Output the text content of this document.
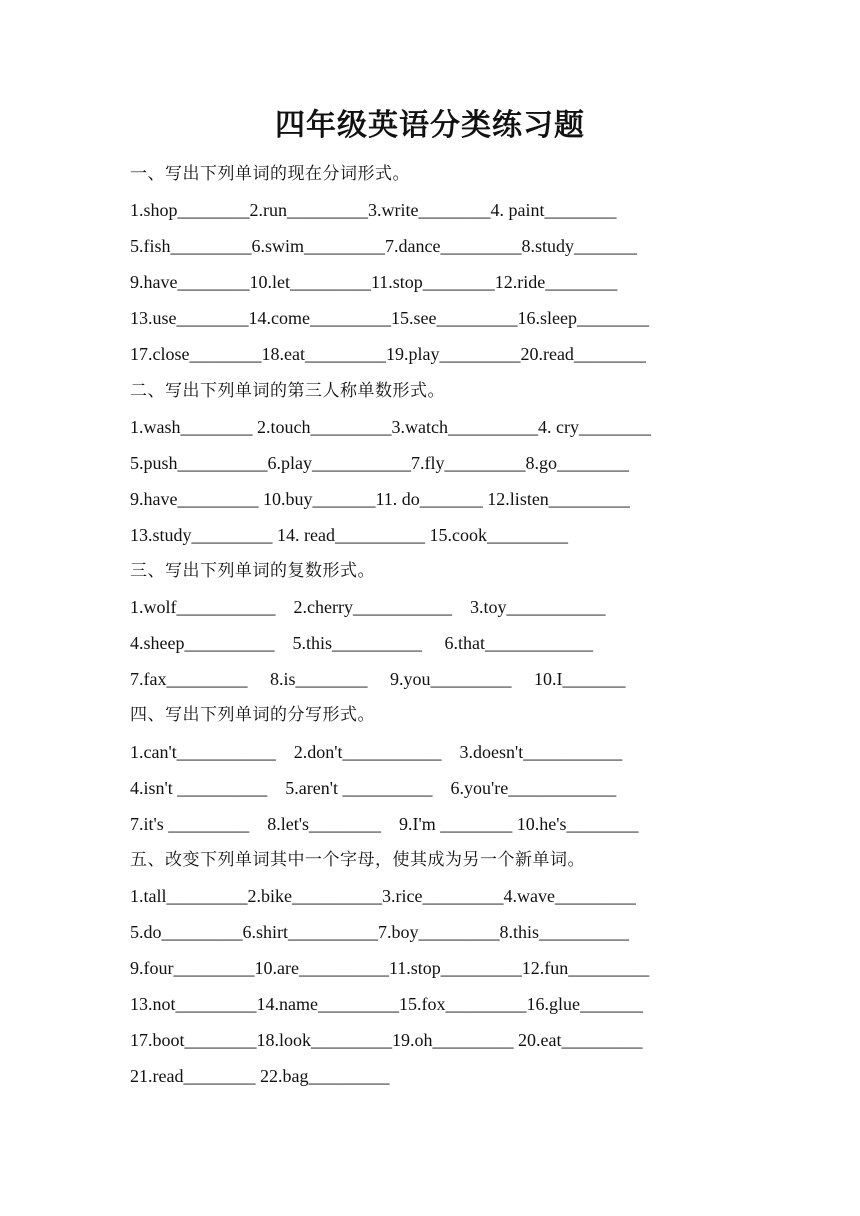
四年级英语分类练习题
一、写出下列单词的现在分词形式。
1.shop________2.run_________3.write________4. paint________
5.fish_________6.swim_________7.dance_________8.study_______
9.have________10.let_________11.stop________12.ride________
13.use________14.come_________15.see_________16.sleep________
17.close________18.eat_________19.play_________20.read________
二、写出下列单词的第三人称单数形式。
1.wash________ 2.touch_________3.watch__________4. cry________
5.push__________6.play___________7.fly_________8.go________
9.have_________ 10.buy_______11. do_______ 12.listen_________
13.study_________ 14. read__________ 15.cook_________
三、写出下列单词的复数形式。
1.wolf___________    2.cherry___________    3.toy___________
4.sheep__________    5.this__________     6.that____________
7.fax_________     8.is________     9.you_________     10.I_______
四、写出下列单词的分写形式。
1.can't___________    2.don't___________    3.doesn't___________
4.isn't __________    5.aren't __________    6.you're____________
7.it's _________    8.let's________    9.I'm ________ 10.he's________
五、改变下列单词其中一个字母，使其成为另一个新单词。
1.tall_________2.bike__________3.rice_________4.wave_________
5.do_________6.shirt__________7.boy_________8.this__________
9.four_________10.are__________11.stop_________12.fun_________
13.not_________14.name_________15.fox_________16.glue_______
17.boot________18.look_________19.oh_________ 20.eat_________
21.read________ 22.bag_________
